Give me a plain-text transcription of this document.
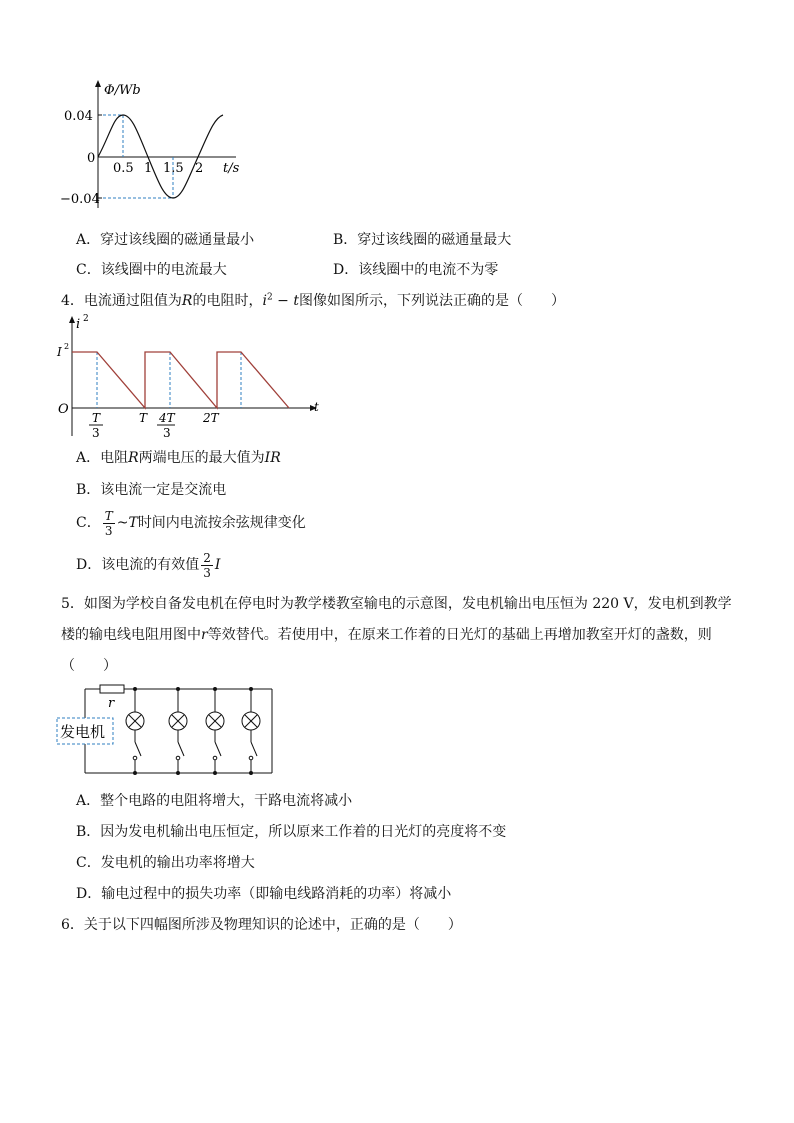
Φ/Wb
0.04
0
−0.04
0.5 1 1.5 2 t/s
A．穿过该线圈的磁通量最小	B．穿过该线圈的磁通量最大
C．该线圈中的电流最大	D．该线圈中的电流不为零
4．电流通过阻值为R的电阻时，$i^2 - t$图像如图所示，下列说法正确的是（　　）
i 2
I 2
O	t
T
3
T 4T
3
2T
A．电阻R两端电压的最大值为IR
B．该电流一定是交流电
C． $\frac{T}{3}$ ~T时间内电流按余弦规律变化
D．该电流的有效值 $\frac{2}{3}$ I
5．如图为学校自备发电机在停电时为教学楼教室输电的示意图，发电机输出电压恒为 220 V，发电机到教学
楼的输电线电阻用图中r等效替代。若使用中，在原来工作着的日光灯的基础上再增加教室开灯的盏数，则
（　　）
发电机
r
A．整个电路的电阻将增大，干路电流将减小
B．因为发电机输出电压恒定，所以原来工作着的日光灯的亮度将不变
C．发电机的输出功率将增大
D．输电过程中的损失功率（即输电线路消耗的功率）将减小
6．关于以下四幅图所涉及物理知识的论述中，正确的是（　　）
